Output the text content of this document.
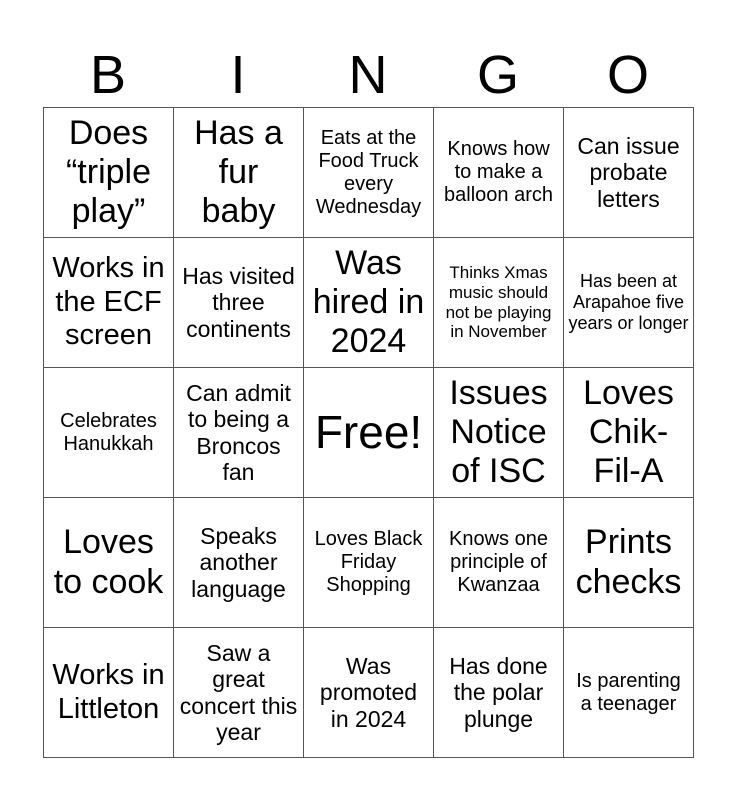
B	I	N	G	O
Does “triple play”	Has a fur baby	Eats at the Food Truck every Wednesday	Knows how to make a balloon arch	Can issue probate letters
Works in the ECF screen	Has visited three continents	Was hired in 2024	Thinks Xmas music should not be playing in November	Has been at Arapahoe five years or longer
Celebrates Hanukkah	Can admit to being a Broncos fan	Free!	Issues Notice of ISC	Loves Chik-Fil-A
Loves to cook	Speaks another language	Loves Black Friday Shopping	Knows one principle of Kwanzaa	Prints checks
Works in Littleton	Saw a great concert this year	Was promoted in 2024	Has done the polar plunge	Is parenting a teenager
